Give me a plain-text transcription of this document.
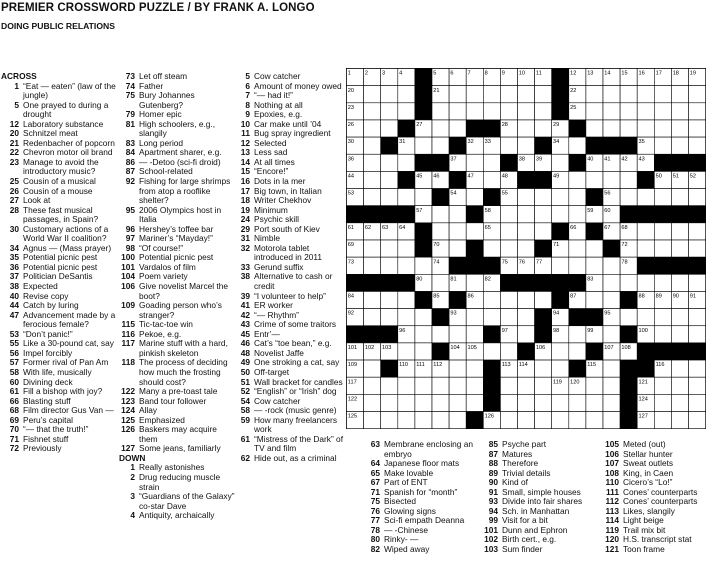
PREMIER CROSSWORD PUZZLE / BY FRANK A. LONGO
DOING PUBLIC RELATIONS
ACROSS
1 “Eat — eaten” (law of the jungle)
5 One prayed to during a drought
12 Laboratory substance
20 Schnitzel meat
21 Redenbacher of popcorn
22 Chevron motor oil brand
23 Manage to avoid the introductory music?
25 Cousin of a musical
26 Cousin of a mouse
27 Look at
28 These fast musical passages, in Spain?
30 Customary actions of a World War II coalition?
34 Agnus — (Mass prayer)
35 Potential picnic pest
36 Potential picnic pest
37 Politician DeSantis
38 Expected
40 Revise copy
44 Catch by luring
47 Advancement made by a ferocious female?
53 “Don’t panic!”
55 Like a 30-pound cat, say
56 Impel forcibly
57 Former rival of Pan Am
58 With life, musically
60 Divining deck
61 Fill a bishop with joy?
66 Blasting stuff
68 Film director Gus Van —
69 Peru’s capital
70 “— that the truth!”
71 Fishnet stuff
72 Previously
73 Let off steam
74 Father
75 Bury Johannes Gutenberg?
79 Homer epic
81 High schoolers, e.g., slangily
83 Long period
84 Apartment sharer, e.g.
86 — -Detoo (sci-fi droid)
87 School-related
92 Fishing for large shrimps from atop a rooflike shelter?
95 2006 Olympics host in Italia
96 Hershey’s toffee bar
97 Mariner’s “Mayday!”
98 “Of course!”
100 Potential picnic pest
101 Vardalos of film
104 Poem variety
106 Give novelist Marcel the boot?
109 Goading person who’s stranger?
115 Tic-tac-toe win
116 Pekoe, e.g.
117 Marine stuff with a hard, pinkish skeleton
118 The process of deciding how much the frosting should cost?
122 Many a pre-toast tale
123 Band tour follower
124 Allay
125 Emphasized
126 Baskers may acquire them
127 Some jeans, familiarly
DOWN
1 Really astonishes
2 Drug reducing muscle strain
3 “Guardians of the Galaxy” co-star Dave
4 Antiquity, archaically
5 Cow catcher
6 Amount of money owed
7 “— had it!”
8 Nothing at all
9 Epoxies, e.g.
10 Car make until ’04
11 Bug spray ingredient
12 Selected
13 Less sad
14 At all times
15 “Encore!”
16 Dots in la mer
17 Big town, in Italian
18 Writer Chekhov
19 Minimum
24 Psychic skill
29 Port south of Kiev
31 Nimble
32 Motorola tablet introduced in 2011
33 Gerund suffix
38 Alternative to cash or credit
39 “I volunteer to help”
41 ER worker
42 “— Rhythm”
43 Crime of some traitors
45 Entr’—
46 Cat’s “toe bean,” e.g.
48 Novelist Jaffe
49 One stroking a cat, say
50 Off-target
51 Wall bracket for candles
52 “English” or “Irish” dog
54 Cow catcher
58 — -rock (music genre)
59 How many freelancers work
61 “Mistress of the Dark” of TV and film
62 Hide out, as a criminal
1 2 3 4	5 6 7 8 9 10 11	12 13 14 15 16 17 18 19
20	21	22
23	24	25
26	27	28	29
30	31	32 33	34	35
36	37	38 39	40 41 42 43
44	45 46	47	48	49	50 51 52
53	54	55	56
57	58	59 60
61 62 63 64	65	66	67 68
69	70	71	72
73	74	75 76 77	78
79	80	81	82	83
84	85	86	87	88 89 90 91
92	93	94	95
96	97	98	99	100
101 102 103	104 105	106	107 108
109	110 111 112	113 114	115	116
117	118	119 120	121
122	123	124
125	126	127
63 Membrane enclosing an embryo
64 Japanese floor mats
65 Make lovable
67 Part of ENT
71 Spanish for “month”
75 Bisected
76 Glowing signs
77 Sci-fi empath Deanna
78 — -Chinese
80 Rinky- —
82 Wiped away
85 Psyche part
87 Matures
88 Therefore
89 Trivial details
90 Kind of
91 Small, simple houses
93 Divide into fair shares
94 Sch. in Manhattan
99 Visit for a bit
101 Dunn and Ephron
102 Birth cert., e.g.
103 Sum finder
105 Meted (out)
106 Stellar hunter
107 Sweat outlets
108 King, in Caen
110 Cicero’s “Lo!”
111 Cones’ counterparts
112 Cones’ counterparts
113 Likes, slangily
114 Light beige
119 Trail mix bit
120 H.S. transcript stat
121 Toon frame
